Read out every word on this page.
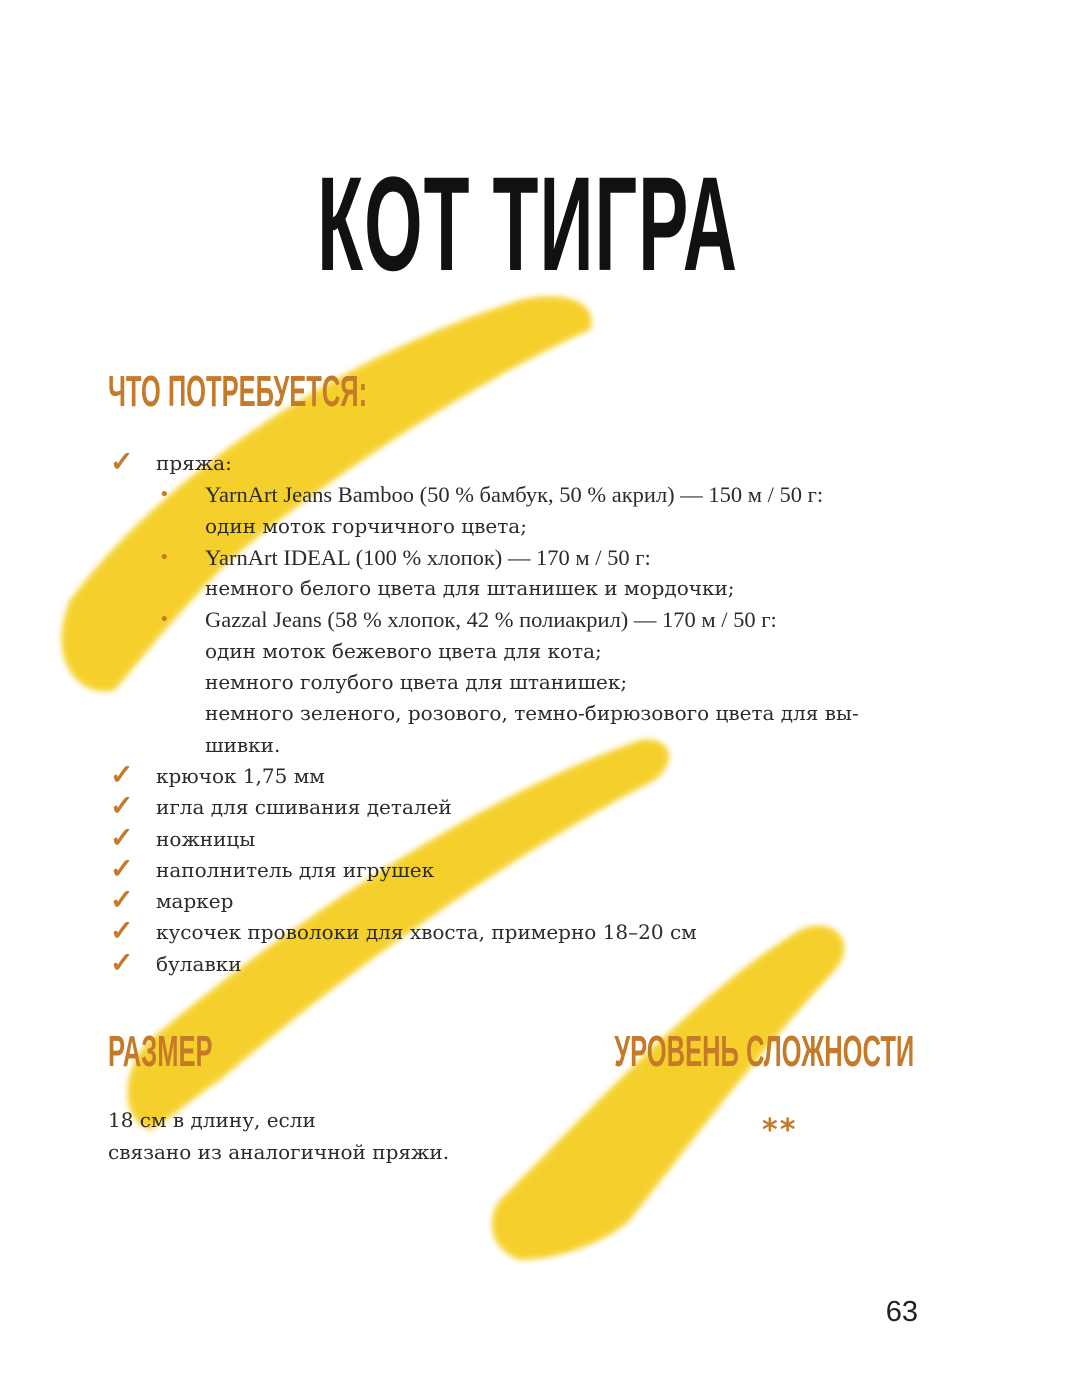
КОТ ТИГРА
ЧТО ПОТРЕБУЕТСЯ:
✓ пряжа:
• YarnArt Jeans Bamboo (50 % бамбук, 50 % акрил) — 150 м / 50 г:
один моток горчичного цвета;
• YarnArt IDEAL (100 % хлопок) — 170 м / 50 г:
немного белого цвета для штанишек и мордочки;
• Gazzal Jeans (58 % хлопок, 42 % полиакрил) — 170 м / 50 г:
один моток бежевого цвета для кота;
немного голубого цвета для штанишек;
немного зеленого, розового, темно-бирюзового цвета для вы-
шивки.
✓ крючок 1,75 мм
✓ игла для сшивания деталей
✓ ножницы
✓ наполнитель для игрушек
✓ маркер
✓ кусочек проволоки для хвоста, примерно 18–20 см
✓ булавки
РАЗМЕР
18 см в длину, если
связано из аналогичной пряжи.
УРОВЕНЬ СЛОЖНОСТИ
**
63
